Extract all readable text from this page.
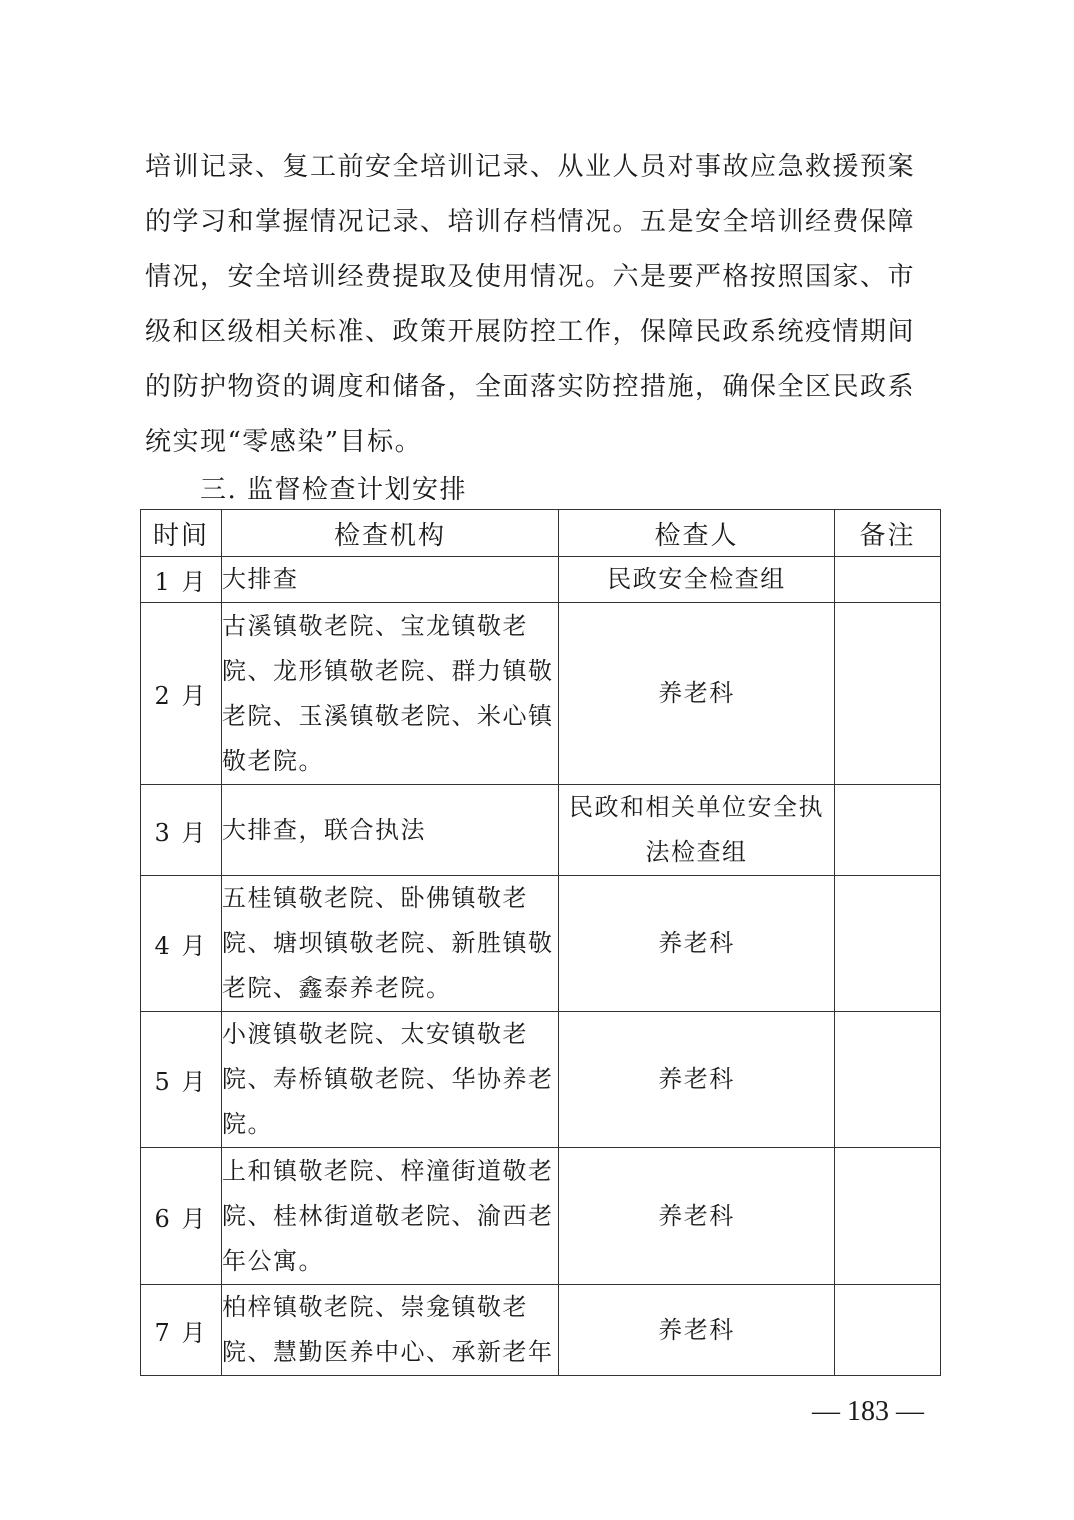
培训记录、复工前安全培训记录、从业人员对事故应急救援预案
的学习和掌握情况记录、培训存档情况。五是安全培训经费保障
情况，安全培训经费提取及使用情况。六是要严格按照国家、市
级和区级相关标准、政策开展防控工作，保障民政系统疫情期间
的防护物资的调度和储备，全面落实防控措施，确保全区民政系
统实现“零感染”目标。
三. 监督检查计划安排
时间	检查机构	检查人	备注
1 月	大排查	民政安全检查组	

2 月	古溪镇敬老院、宝龙镇敬老
院、龙形镇敬老院、群力镇敬
老院、玉溪镇敬老院、米心镇
敬老院。	养老科	

3 月	大排查，联合执法	民政和相关单位安全执
法检查组	

4 月	五桂镇敬老院、卧佛镇敬老
院、塘坝镇敬老院、新胜镇敬
老院、鑫泰养老院。	养老科	

5 月	小渡镇敬老院、太安镇敬老
院、寿桥镇敬老院、华协养老
院。	养老科	

6 月	上和镇敬老院、梓潼街道敬老
院、桂林街道敬老院、渝西老
年公寓。	养老科	

7 月	柏梓镇敬老院、崇龛镇敬老
院、慧勤医养中心、承新老年	养老科	

— 183 —
